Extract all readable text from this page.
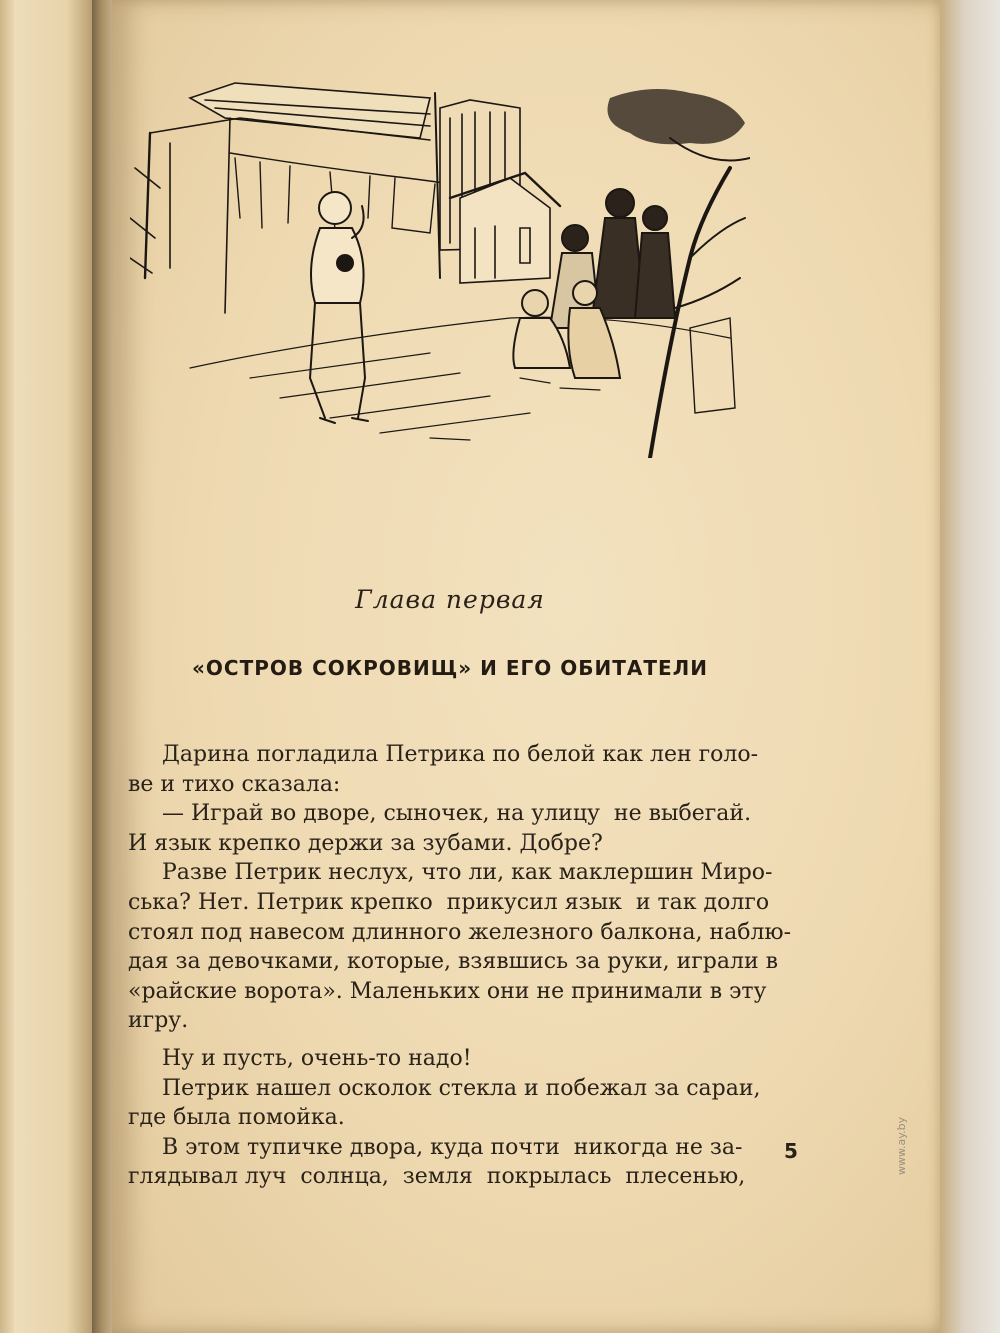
Глава первая
«ОСТРОВ СОКРОВИЩ» И ЕГО ОБИТАТЕЛИ
Дарина погладила Петрика по белой как лен голо-
ве и тихо сказала:
— Играй во дворе, сыночек, на улицу  не выбегай.
И язык крепко держи за зубами. Добре?
Разве Петрик неслух, что ли, как маклершин Миро-
ська? Нет. Петрик крепко  прикусил язык  и так долго
стоял под навесом длинного железного балкона, наблю-
дая за девочками, которые, взявшись за руки, играли в
«райские ворота». Маленьких они не принимали в эту
игру.
Ну и пусть, очень-то надо!
Петрик нашел осколок стекла и побежал за сараи,
где была помойка.
В этом тупичке двора, куда почти  никогда не за-
глядывал луч  солнца,  земля  покрылась  плесенью,
5	www.ay.by
